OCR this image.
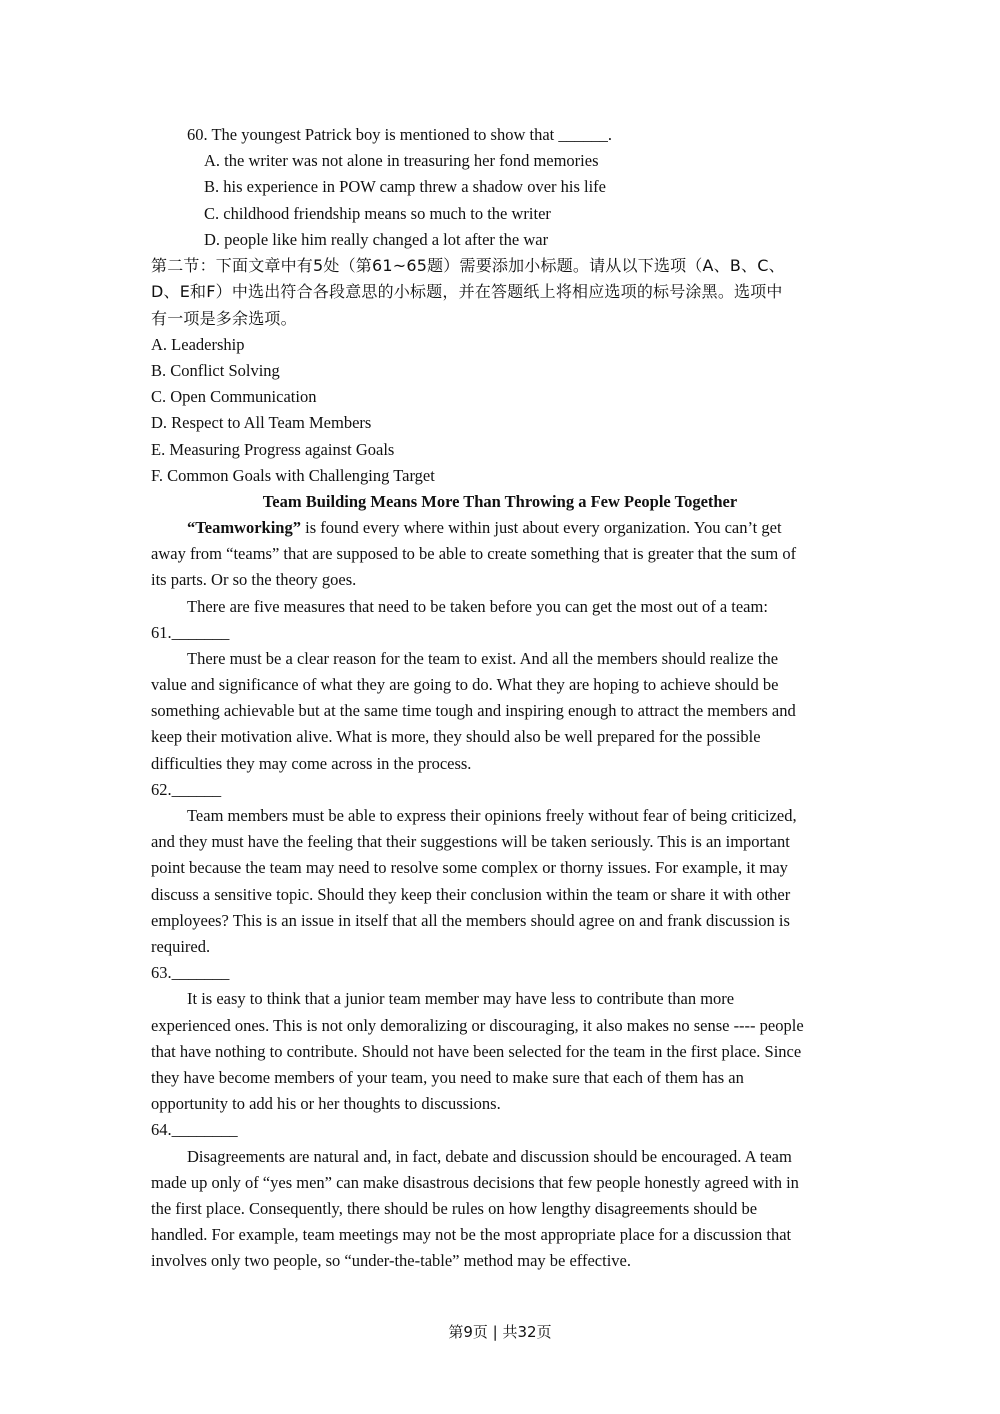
60. The youngest Patrick boy is mentioned to show that ______.
A. the writer was not alone in treasuring her fond memories
B. his experience in POW camp threw a shadow over his life
C. childhood friendship means so much to the writer
D. people like him really changed a lot after the war
第二节：下面文章中有5处（第61~65题）需要添加小标题。请从以下选项（A、B、C、
D、E和F）中选出符合各段意思的小标题，并在答题纸上将相应选项的标号涂黑。选项中
有一项是多余选项。
A. Leadership
B. Conflict Solving
C. Open Communication
D. Respect to All Team Members
E. Measuring Progress against Goals
F. Common Goals with Challenging Target
Team Building Means More Than Throwing a Few People Together
“Teamworking” is found every where within just about every organization. You can’t get
away from “teams” that are supposed to be able to create something that is greater that the sum of
its parts. Or so the theory goes.
There are five measures that need to be taken before you can get the most out of a team:
61._______
There must be a clear reason for the team to exist. And all the members should realize the
value and significance of what they are going to do. What they are hoping to achieve should be
something achievable but at the same time tough and inspiring enough to attract the members and
keep their motivation alive. What is more, they should also be well prepared for the possible
difficulties they may come across in the process.
62.______
Team members must be able to express their opinions freely without fear of being criticized,
and they must have the feeling that their suggestions will be taken seriously. This is an important
point because the team may need to resolve some complex or thorny issues. For example, it may
discuss a sensitive topic. Should they keep their conclusion within the team or share it with other
employees? This is an issue in itself that all the members should agree on and frank discussion is
required.
63._______
It is easy to think that a junior team member may have less to contribute than more
experienced ones. This is not only demoralizing or discouraging, it also makes no sense ---- people
that have nothing to contribute. Should not have been selected for the team in the first place. Since
they have become members of your team, you need to make sure that each of them has an
opportunity to add his or her thoughts to discussions.
64.________
Disagreements are natural and, in fact, debate and discussion should be encouraged. A team
made up only of “yes men” can make disastrous decisions that few people honestly agreed with in
the first place. Consequently, there should be rules on how lengthy disagreements should be
handled. For example, team meetings may not be the most appropriate place for a discussion that
involves only two people, so “under-the-table” method may be effective.
第9页 | 共32页
